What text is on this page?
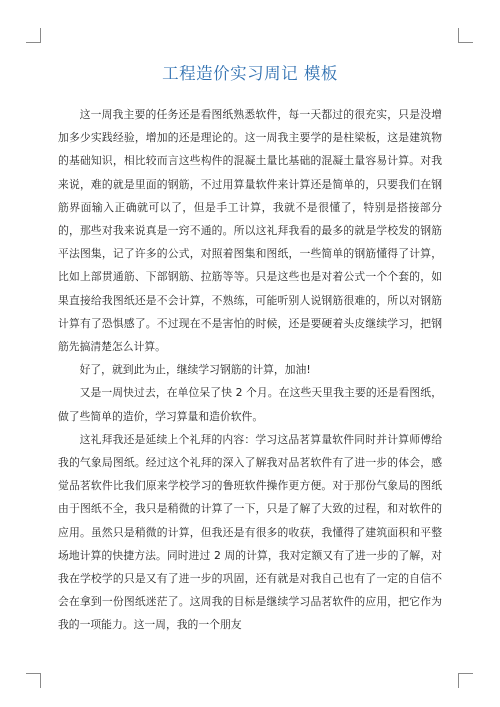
工程造价实习周记 模板

这一周我主要的任务还是看图纸熟悉软件，每一天都过的很充实，只是没增加多少实践经验，增加的还是理论的。这一周我主要学的是柱梁板，这是建筑物的基础知识，相比较而言这些构件的混凝土量比基础的混凝土量容易计算。对我来说，难的就是里面的钢筋，不过用算量软件来计算还是简单的，只要我们在钢筋界面输入正确就可以了，但是手工计算，我就不是很懂了，特别是搭接部分的，那些对我来说真是一窍不通的。所以这礼拜我看的最多的就是学校发的钢筋平法图集，记了许多的公式，对照着图集和图纸，一些简单的钢筋懂得了计算，比如上部贯通筋、下部钢筋、拉筋等等。只是这些也是对着公式一个个套的，如果直接给我图纸还是不会计算，不熟练，可能听别人说钢筋很难的，所以对钢筋计算有了恐惧感了。不过现在不是害怕的时候，还是要硬着头皮继续学习，把钢筋先搞清楚怎么计算。

好了，就到此为止，继续学习钢筋的计算，加油!

又是一周快过去，在单位呆了快 2 个月。在这些天里我主要的还是看图纸，做了些简单的造价，学习算量和造价软件。

这礼拜我还是延续上个礼拜的内容：学习这品茗算量软件同时并计算师傅给我的气象局图纸。经过这个礼拜的深入了解我对品茗软件有了进一步的体会，感觉品茗软件比我们原来学校学习的鲁班软件操作更方便。对于那份气象局的图纸由于图纸不全，我只是稍微的计算了一下，只是了解了大致的过程，和对软件的应用。虽然只是稍微的计算，但我还是有很多的收获，我懂得了建筑面积和平整场地计算的快捷方法。同时进过 2 周的计算，我对定额又有了进一步的了解，对我在学校学的只是又有了进一步的巩固，还有就是对我自己也有了一定的自信不会在拿到一份图纸迷茫了。这周我的目标是继续学习品茗软件的应用，把它作为我的一项能力。这一周，我的一个朋友
